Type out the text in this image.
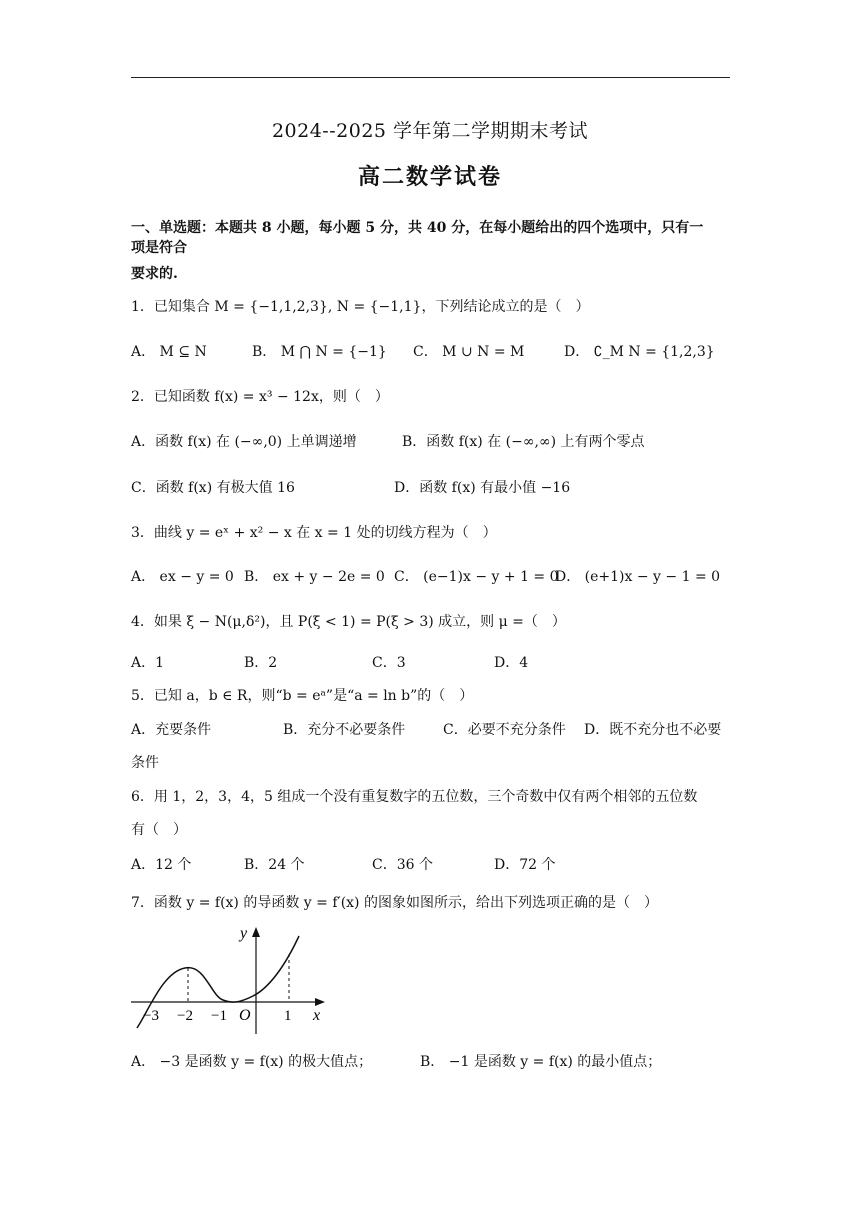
2024--2025 学年第二学期期末考试
高二数学试卷
一、单选题：本题共 8 小题，每小题 5 分，共 40 分，在每小题给出的四个选项中，只有一
项是符合
要求的.
1．已知集合 M = {−1,1,2,3}, N = {−1,1}，下列结论成立的是（　）
A． M ⊆ N	B． M ⋂ N = {−1} C． M ∪ N = M	D． ∁_M N = {1,2,3}
2．已知函数 f(x) = x³ − 12x，则（　）
A．函数 f(x) 在 (−∞,0) 上单调递增	B．函数 f(x) 在 (−∞,∞) 上有两个零点
C．函数 f(x) 有极大值 16	D．函数 f(x) 有最小值 −16
3．曲线 y = eˣ + x² − x 在 x = 1 处的切线方程为（　）
A． ex − y = 0 B． ex + y − 2e = 0 C． (e−1)x − y + 1 = 0
D． (e+1)x − y − 1 = 0
4．如果 ξ − N(μ,δ²)，且 P(ξ < 1) = P(ξ > 3) 成立，则 μ =（　）
A．1	B．2	C．3	D．4
5．已知 a，b ∈ R，则“b = eᵃ”是“a = ln b”的（　）
A．充要条件	B．充分不必要条件	C．必要不充分条件 D．既不充分也不必要
条件
6．用 1，2，3，4，5 组成一个没有重复数字的五位数，三个奇数中仅有两个相邻的五位数
有（　）
A．12 个	B．24 个	C．36 个	D．72 个
7．函数 y = f(x) 的导函数 y = f′(x) 的图象如图所示，给出下列选项正确的是（　）
y
x
O
−3 −2 −1	1
A． −3 是函数 y = f(x) 的极大值点；	B． −1 是函数 y = f(x) 的最小值点；
